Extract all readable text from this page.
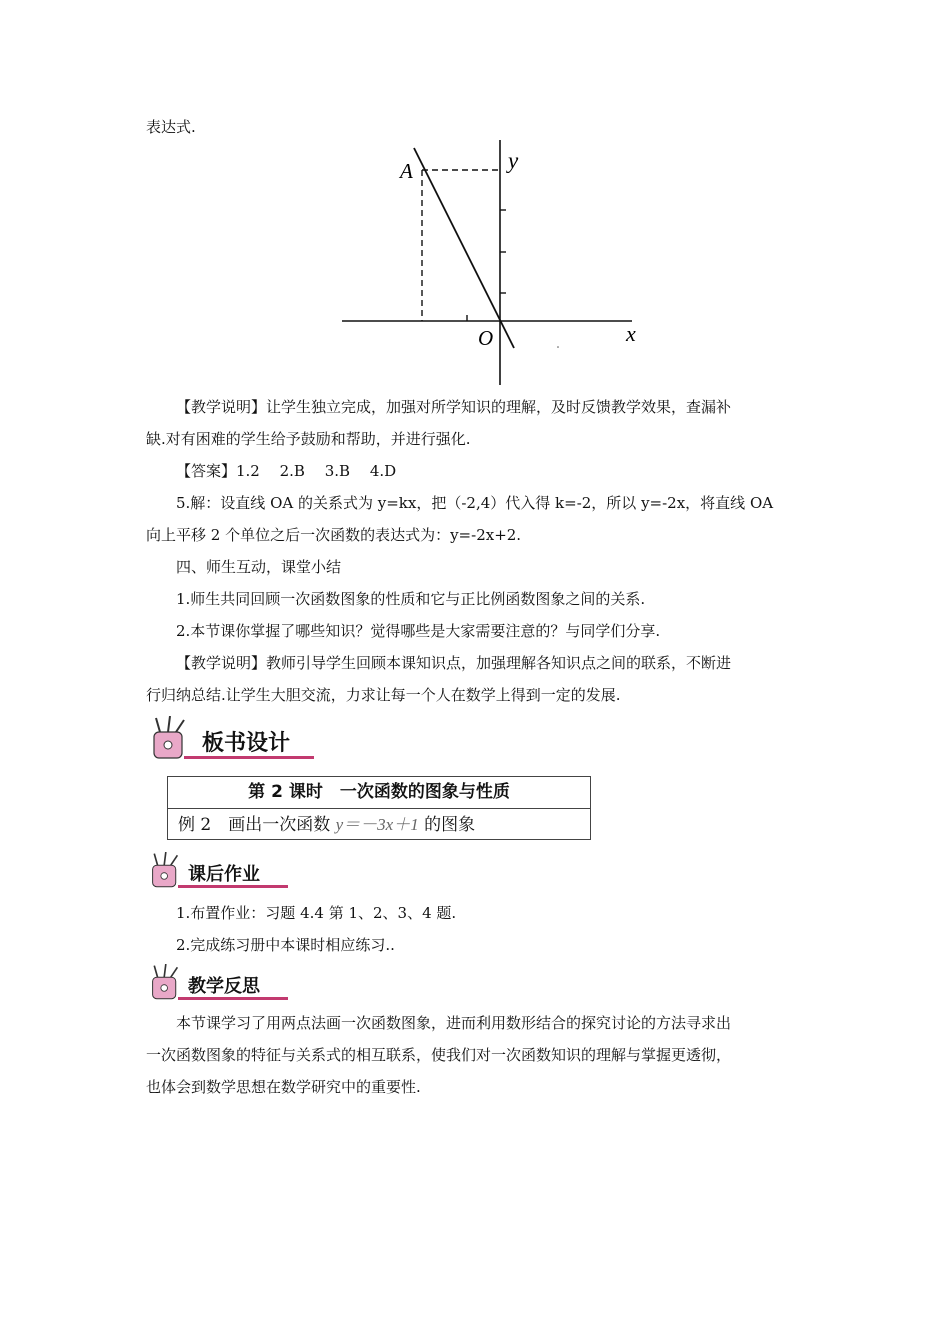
表达式.
A	y
O	x
【教学说明】让学生独立完成，加强对所学知识的理解，及时反馈教学效果，查漏补
缺.对有困难的学生给予鼓励和帮助，并进行强化.
【答案】1.2　 2.B　 3.B　 4.D
5.解：设直线 OA 的关系式为 y=kx，把（-2,4）代入得 k=-2，所以 y=-2x，将直线 OA
向上平移 2 个单位之后一次函数的表达式为：y=-2x+2.
四、师生互动，课堂小结
1.师生共同回顾一次函数图象的性质和它与正比例函数图象之间的关系.
2.本节课你掌握了哪些知识？觉得哪些是大家需要注意的？与同学们分享.
【教学说明】教师引导学生回顾本课知识点，加强理解各知识点之间的联系，不断进
行归纳总结.让学生大胆交流，力求让每一个人在数学上得到一定的发展.
板书设计
第 2 课时　一次函数的图象与性质
例 2　画出一次函数 y＝－3x＋1 的图象
课后作业
1.布置作业：习题 4.4 第 1、2、3、4 题.
2.完成练习册中本课时相应练习..
教学反思
本节课学习了用两点法画一次函数图象，进而利用数形结合的探究讨论的方法寻求出
一次函数图象的特征与关系式的相互联系，使我们对一次函数知识的理解与掌握更透彻，
也体会到数学思想在数学研究中的重要性.
